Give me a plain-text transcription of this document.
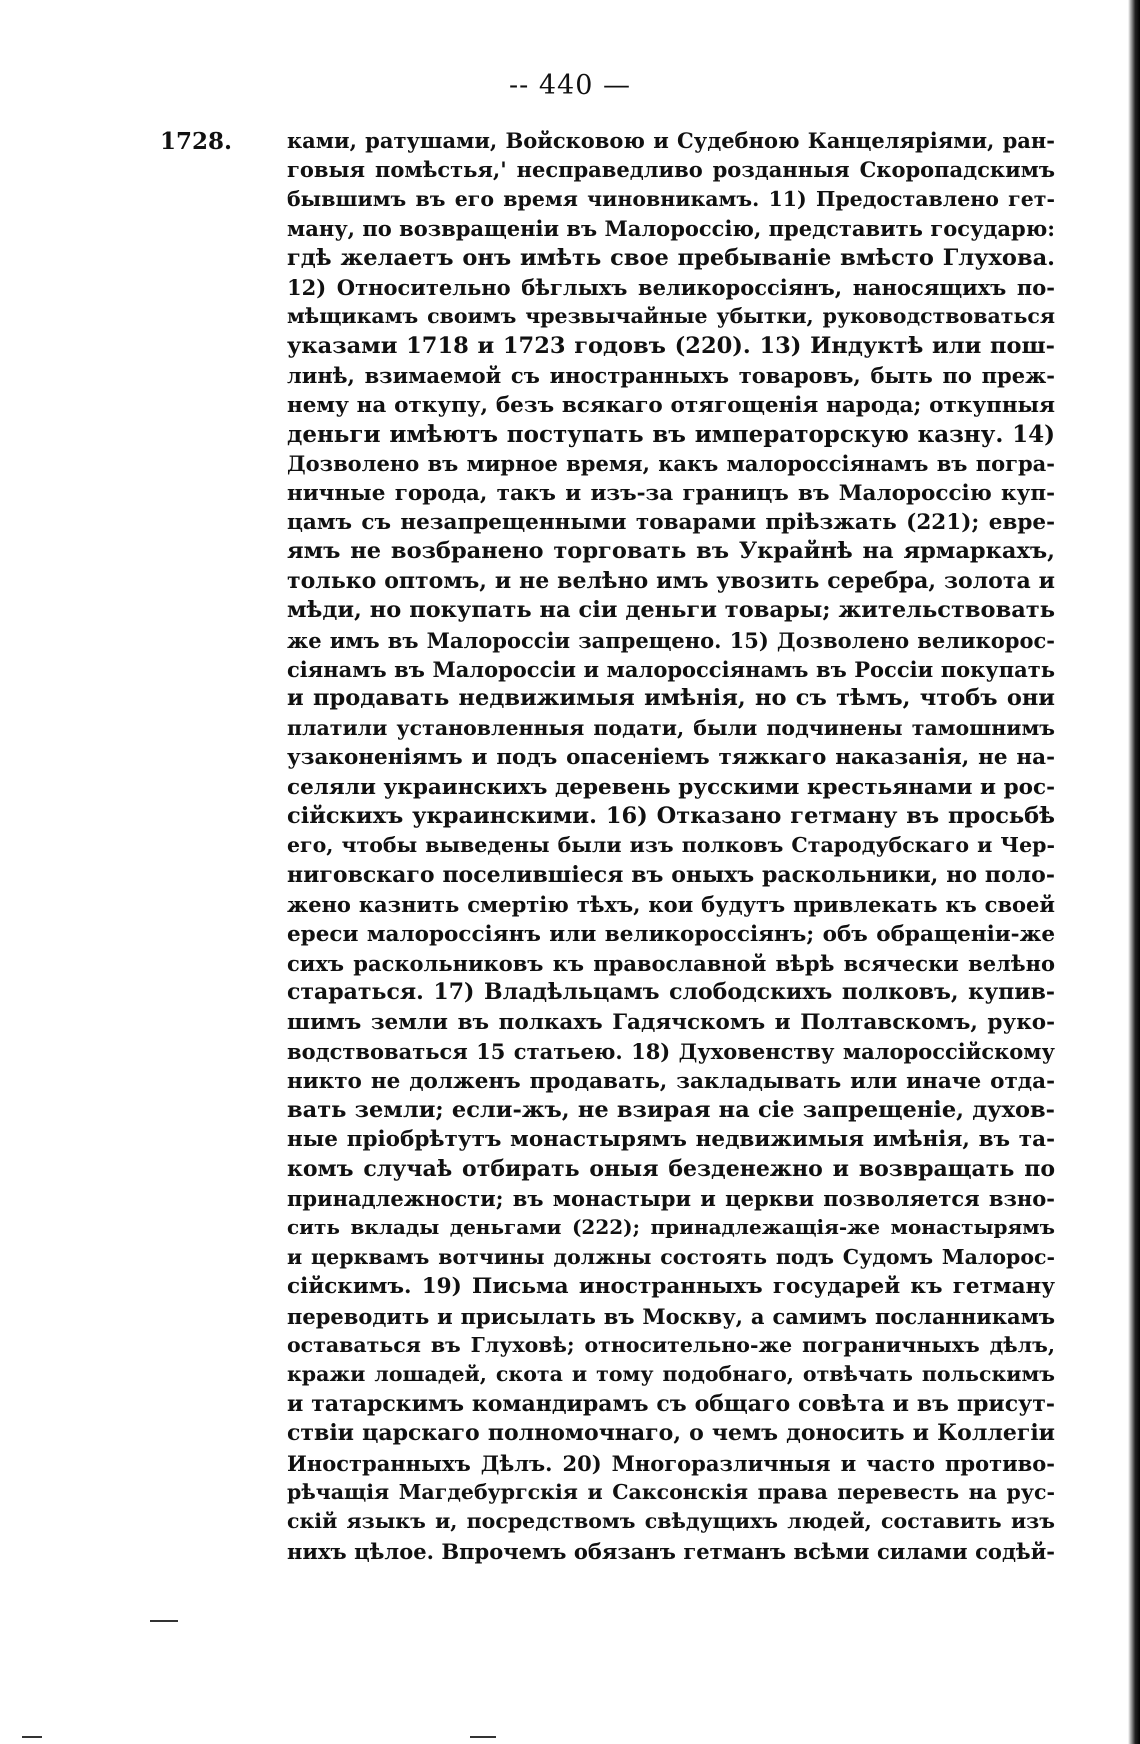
-- 440 —
1728.	ками, ратушами, Войсковою и Судебною Канцеляріями, ран-
говыя помѣстья,' несправедливо розданныя Скоропадскимъ
бывшимъ въ его время чиновникамъ. 11) Предоставлено гет-
ману, по возвращеніи въ Малороссію, представить государю:
гдѣ желаетъ онъ имѣть свое пребываніе вмѣсто Глухова.
12) Относительно бѣглыхъ великороссіянъ, наносящихъ по-
мѣщикамъ своимъ чрезвычайные убытки, руководствоваться
указами 1718 и 1723 годовъ (220). 13) Индуктѣ или пош-
линѣ, взимаемой съ иностранныхъ товаровъ, быть по преж-
нему на откупу, безъ всякаго отягощенія народа; откупныя
деньги имѣютъ поступать въ императорскую казну. 14)
Дозволено въ мирное время, какъ малороссіянамъ въ погра-
ничные города, такъ и изъ-за границъ въ Малороссію куп-
цамъ съ незапрещенными товарами пріѣзжать (221); евре-
ямъ не возбранено торговать въ Украйнѣ на ярмаркахъ,
только оптомъ, и не велѣно имъ увозить серебра, золота и
мѣди, но покупать на сіи деньги товары; жительствовать
же имъ въ Малороссіи запрещено. 15) Дозволено великорос-
сіянамъ въ Малороссіи и малороссіянамъ въ Россіи покупать
и продавать недвижимыя имѣнія, но съ тѣмъ, чтобъ они
платили установленныя подати, были подчинены тамошнимъ
узаконеніямъ и подъ опасеніемъ тяжкаго наказанія, не на-
селяли украинскихъ деревень русскими крестьянами и рос-
сійскихъ украинскими. 16) Отказано гетману въ просьбѣ
его, чтобы выведены были изъ полковъ Стародубскаго и Чер-
ниговскаго поселившіеся въ оныхъ раскольники, но поло-
жено казнить смертію тѣхъ, кои будутъ привлекать къ своей
ереси малороссіянъ или великороссіянъ; объ обращеніи-же
сихъ раскольниковъ къ православной вѣрѣ всячески велѣно
стараться. 17) Владѣльцамъ слободскихъ полковъ, купив-
шимъ земли въ полкахъ Гадячскомъ и Полтавскомъ, руко-
водствоваться 15 статьею. 18) Духовенству малороссійскому
никто не долженъ продавать, закладывать или иначе отда-
вать земли; если-жъ, не взирая на сіе запрещеніе, духов-
ные пріобрѣтутъ монастырямъ недвижимыя имѣнія, въ та-
комъ случаѣ отбирать оныя безденежно и возвращать по
принадлежности; въ монастыри и церкви позволяется взно-
сить вклады деньгами (222); принадлежащія-же монастырямъ
и церквамъ вотчины должны состоять подъ Судомъ Малорос-
сійскимъ. 19) Письма иностранныхъ государей къ гетману
переводить и присылать въ Москву, а самимъ посланникамъ
оставаться въ Глуховѣ; относительно-же пограничныхъ дѣлъ,
кражи лошадей, скота и тому подобнаго, отвѣчать польскимъ
и татарскимъ командирамъ съ общаго совѣта и въ присут-
ствіи царскаго полномочнаго, о чемъ доносить и Коллегіи
Иностранныхъ Дѣлъ. 20) Многоразличныя и часто противо-
рѣчащія Магдебургскія и Саксонскія права перевесть на рус-
скій языкъ и, посредствомъ свѣдущихъ людей, составить изъ
нихъ цѣлое. Впрочемъ обязанъ гетманъ всѣми силами содѣй-
